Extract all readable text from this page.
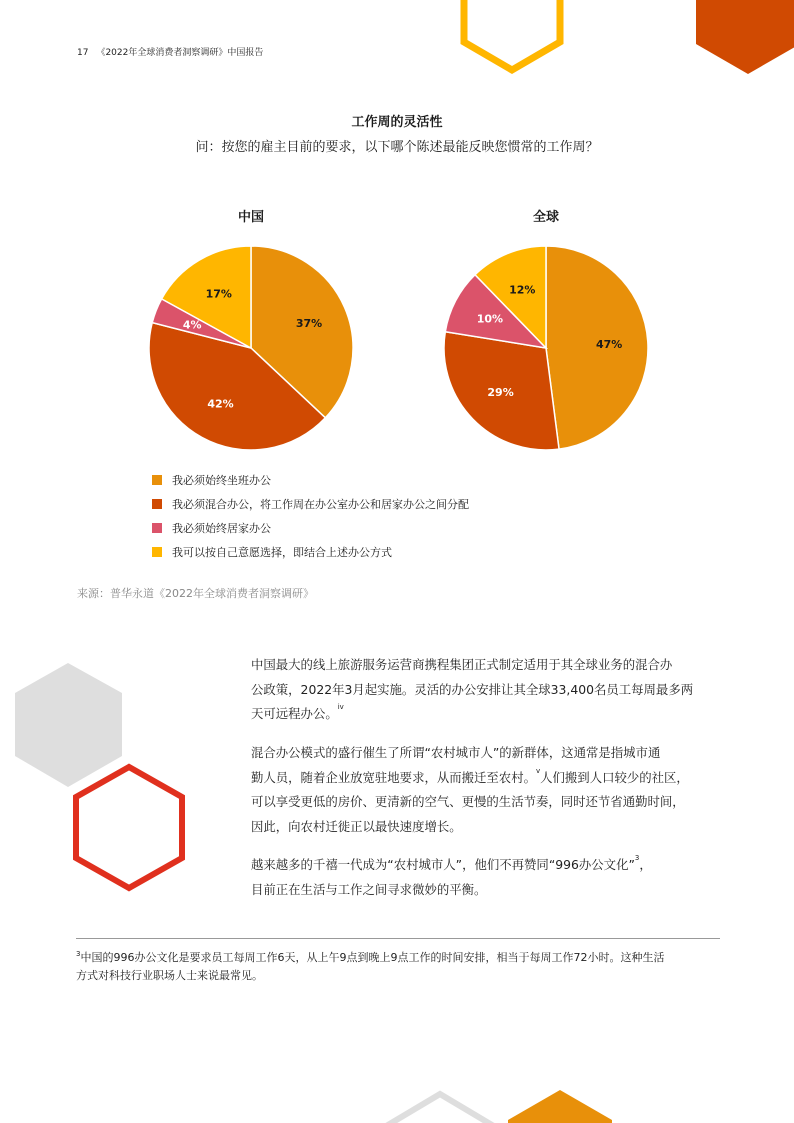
17 《2022年全球消费者洞察调研》中国报告
工作周的灵活性
问：按您的雇主目前的要求，以下哪个陈述最能反映您惯常的工作周？
中国	全球
37%
42%
4%
17%
47%
29%
10%
12%
我必须始终坐班办公
我必须混合办公，将工作周在办公室办公和居家办公之间分配
我必须始终居家办公
我可以按自己意愿选择，即结合上述办公方式
来源：普华永道《2022年全球消费者洞察调研》
中国最大的线上旅游服务运营商携程集团正式制定适用于其全球业务的混合办
公政策，2022年3月起实施。灵活的办公安排让其全球33,400名员工每周最多两
天可远程办公。$^{iv}$
混合办公模式的盛行催生了所谓“农村城市人”的新群体，这通常是指城市通
勤人员，随着企业放宽驻地要求，从而搬迁至农村。$^v$人们搬到人口较少的社区，
可以享受更低的房价、更清新的空气、更慢的生活节奏，同时还节省通勤时间，
因此，向农村迁徙正以最快速度增长。
越来越多的千禧一代成为“农村城市人”，他们不再赞同“996办公文化”$^3$，
目前正在生活与工作之间寻求微妙的平衡。
$^3$中国的996办公文化是要求员工每周工作6天，从上午9点到晚上9点工作的时间安排，相当于每周工作72小时。这种生活
方式对科技行业职场人士来说最常见。
